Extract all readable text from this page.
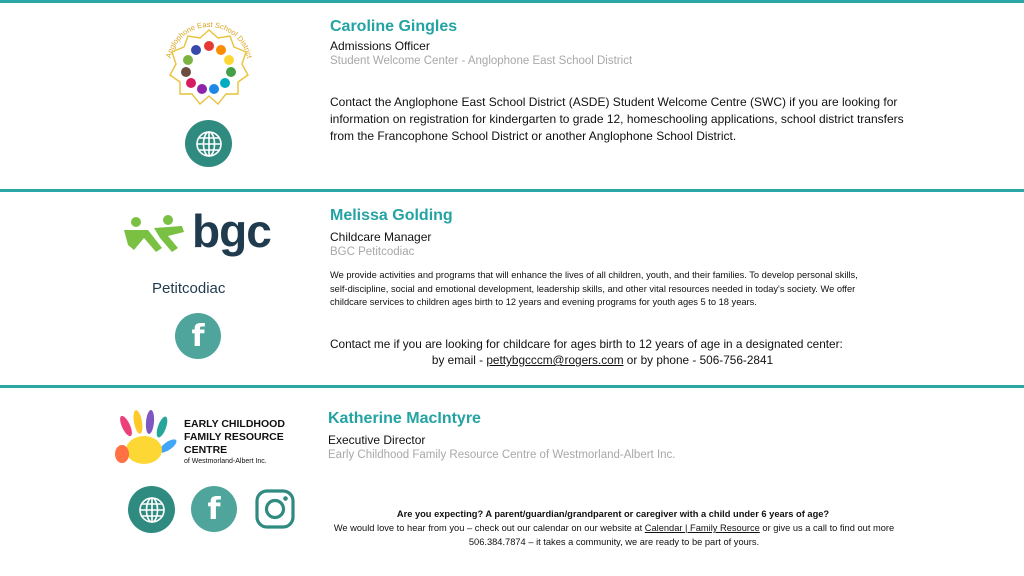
Anglophone East School District

Caroline Gingles

Admissions Officer

Student Welcome Center - Anglophone East School District

Contact the Anglophone East School District (ASDE) Student Welcome Centre (SWC) if you are looking for information on registration for kindergarten to grade 12, homeschooling applications, school district transfers from the Francophone School District or another Anglophone School District.

bgc
Petitcodiac
f

Melissa Golding

Childcare Manager

BGC Petitcodiac

We provide activities and programs that will enhance the lives of all children, youth, and their families. To develop personal skills, self-discipline, social and emotional development, leadership skills, and other vital resources needed in today's society. We offer childcare services to children ages birth to 12 years and evening programs for youth ages 5 to 18 years.

Contact me if you are looking for childcare for ages birth to 12 years of age in a designated center:

by email - pettybgcccm@rogers.com or by phone - 506-756-2841

EARLY CHILDHOOD
FAMILY RESOURCE
CENTRE
of Westmorland-Albert Inc.
f

Katherine MacIntyre

Executive Director

Early Childhood Family Resource Centre of Westmorland-Albert Inc.

Are you expecting? A parent/guardian/grandparent or caregiver with a child under 6 years of age?

We would love to hear from you – check out our calendar on our website at Calendar | Family Resource or give us a call to find out more 506.384.7874 – it takes a community, we are ready to be part of yours.
